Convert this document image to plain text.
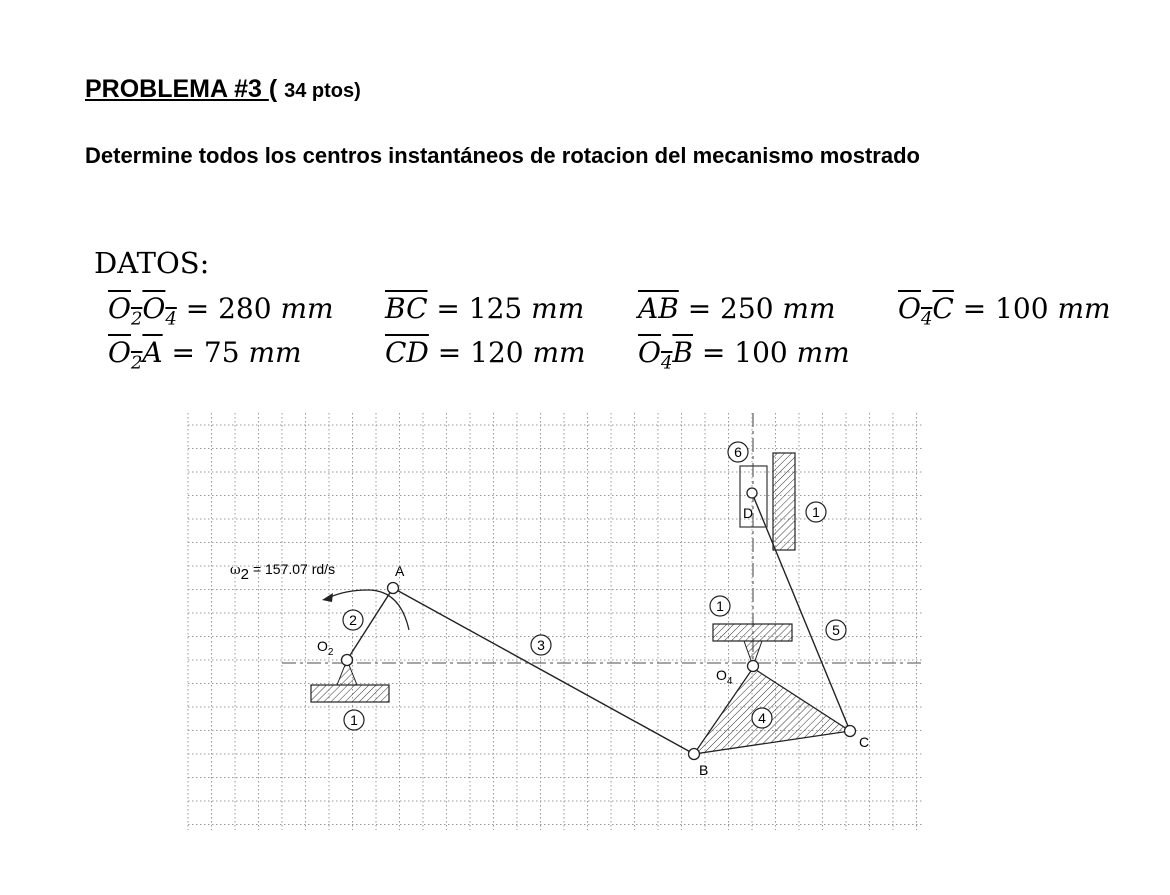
PROBLEMA #3 ( 34 ptos)
Determine todos los centros instantáneos de rotacion del mecanismo mostrado
DATOS:
$O_2O_4 = 280$ mm $\overline{BC} = 125$ mm $\overline{AB} = 250$ mm $O_4C = 100$ mm
$O_2A = 75$ mm	$\overline{CD} = 120$ mm $O_4B = 100$ mm
1
2
3
4
5
6
1
1
A
B
C
D
$O_2$
$O_4$
ω2 = 157.07 rd/s
